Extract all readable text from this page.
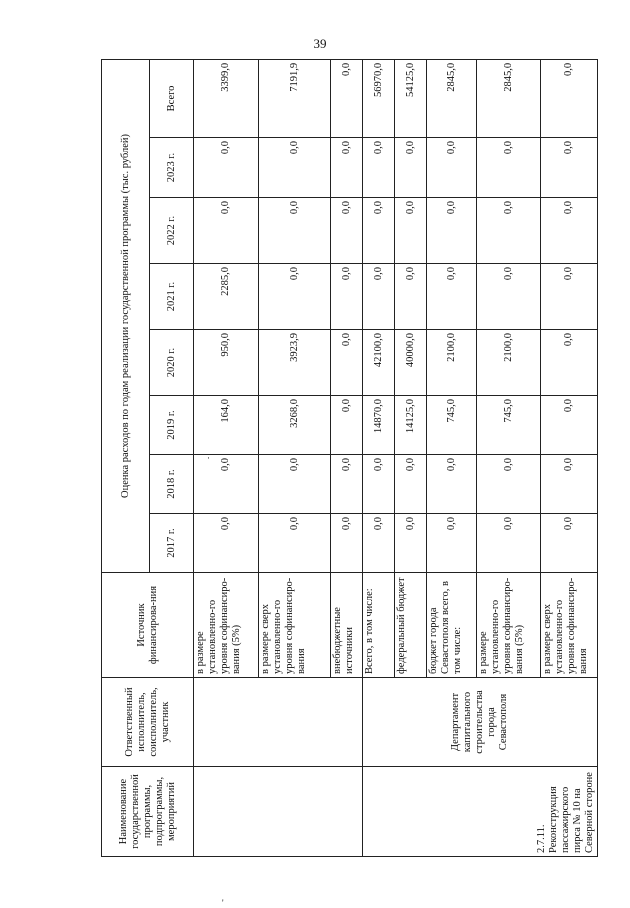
39
Наименование государственной программы, подпрограммы, мероприятий	Ответственный исполнитель, соисполнитель, участник	Источник финансирова-ния	Оценка расходов по годам реализации государственной программы (тыс. рублей)							
			2017 г.	2018 г.	2019 г.	2020 г.	2021 г.	2022 г.	2023 г.	Всего
		в размере установленно-го уровня софинансиро-вания (5%)	0,0	0,0	164,0	950,0	2285,0	0,0	0,0	3399,0
		в размере сверх установленно-го уровня софинансиро-вания	0,0	0,0	3268,0	3923,9	0,0	0,0	0,0	7191,9
		внебюджетные источники	0,0	0,0	0,0	0,0	0,0	0,0	0,0	0,0
2.7.11. Реконструкция пассажирского пирса № 10 на Северной стороне	Департамент капитального строительства города Севастополя	Всего, в том числе:	0,0	0,0	14870,0	42100,0	0,0	0,0	0,0	56970,0
		федеральный бюджет	0,0	0,0	14125,0	40000,0	0,0	0,0	0,0	54125,0
		бюджет города Севастополя всего, в том числе:	0,0	0,0	745,0	2100,0	0,0	0,0	0,0	2845,0
		в размере установленно-го уровня софинансиро-вания (5%)	0,0	0,0	745,0	2100,0	0,0	0,0	0,0	2845,0
		в размере сверх установленно-го уровня софинансиро-вания	0,0	0,0	0,0	0,0	0,0	0,0	0,0	0,0
·
'
